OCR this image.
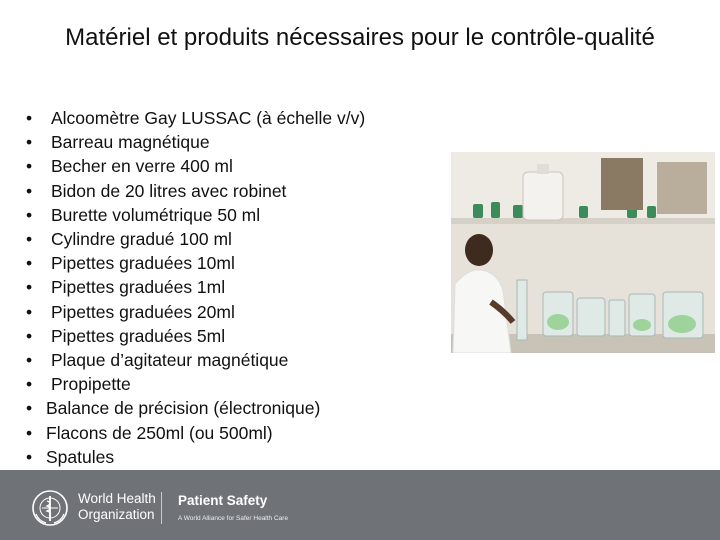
Matériel et produits nécessaires pour le contrôle-qualité
• Alcoomètre Gay LUSSAC (à échelle v/v)
• Barreau magnétique
• Becher en verre 400 ml
• Bidon de 20 litres avec robinet
• Burette volumétrique 50 ml
• Cylindre gradué 100 ml
• Pipettes graduées 10ml
• Pipettes graduées 1ml
• Pipettes graduées 20ml
• Pipettes graduées 5ml
• Plaque d’agitateur magnétique
• Propipette
• Balance de précision (électronique)
• Flacons de 250ml (ou 500ml)
• Spatules
World Health
Organization
Patient Safety
A World Alliance for Safer Health Care
